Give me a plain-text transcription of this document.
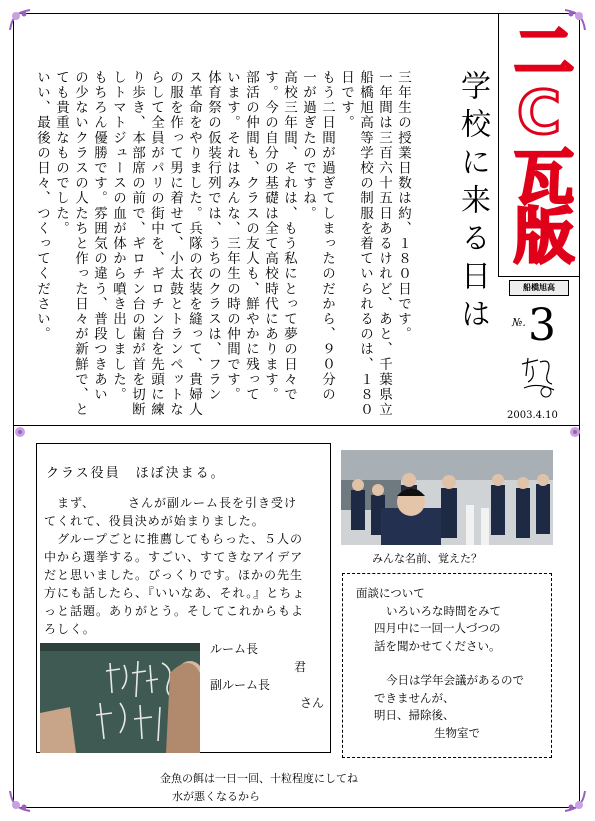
二C瓦版
船橋旭高
№. 3
2003.4.10
学校に来る日は
三年生の授業日数は約、１８０日です。
一年間は三百六十五日あるけれど、あと、千葉県立
船橋旭高等学校の制服を着ていられるのは、１８０
日です。
もう二日間が過ぎてしまったのだから、９０分の
一が過ぎたのですね。
高校三年間、それは、もう私にとって夢の日々で
す。今の自分の基礎は全て高校時代にあります。
部活の仲間も、クラスの友人も、鮮やかに残って
います。それはみんな、三年生の時の仲間です。
体育祭の仮装行列では、うちのクラスは、フラン
ス革命をやりました。兵隊の衣装を縫って、貴婦人
の服を作って男に着せて、小太鼓とトランペットな
らして全員がパリの街中を、ギロチン台を先頭に練
り歩き、本部席の前で、ギロチン台の歯が首を切断
しトマトジュースの血が体から噴き出しました。
もちろん優勝です。雰囲気の違う、普段つきあい
の少ないクラスの人たちと作った日々が新鮮で、と
ても貴重なものでした。
いい、最後の日々、つくってください。
クラス役員　ほぼ決まる。
　まず、　　　さんが副ルーム長を引き受け
てくれて、役員決めが始まりました。
　グループごとに推薦してもらった、５人の
中から選挙する。すごい、すてきなアイデア
だと思いました。びっくりです。ほかの先生
方にも話したら、『いいなあ、それ。』とちょ
っと話題。ありがとう。そしてこれからもよ
ろしく。
ルーム長
君
副ルーム長
さん
みんな名前、覚えた？
面談について
いろいろな時間をみて
四月中に一回一人づつの
話を聞かせてください。
今日は学年会議があるので
できませんが、
明日、掃除後、
生物室で
金魚の餌は一日一回、十粒程度にしてね
水が悪くなるから
